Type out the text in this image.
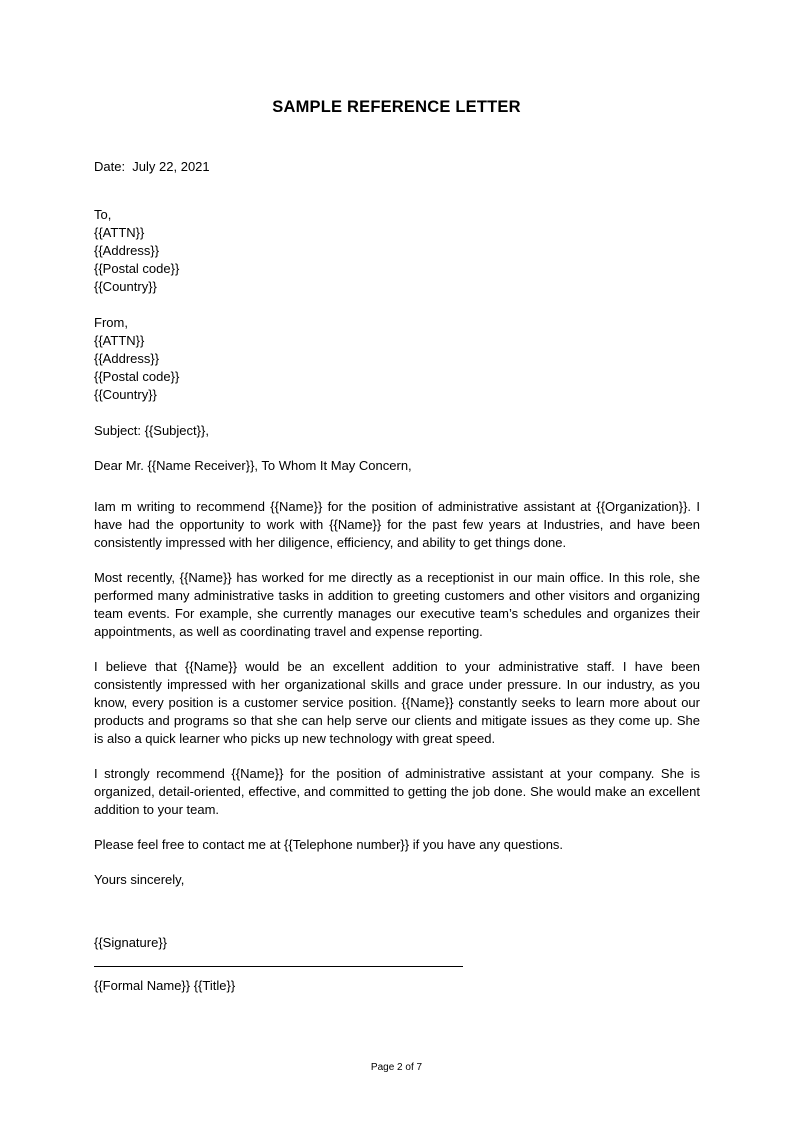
SAMPLE REFERENCE LETTER
Date:  July 22, 2021
To,
{{ATTN}}
{{Address}}
{{Postal code}}
{{Country}}
From,
{{ATTN}}
{{Address}}
{{Postal code}}
{{Country}}
Subject: {{Subject}},
Dear Mr. {{Name Receiver}}, To Whom It May Concern,

Iam m writing to recommend {{Name}} for the position of administrative assistant at {{Organization}}. I have had the opportunity to work with {{Name}} for the past few years at Industries, and have been consistently impressed with her diligence, efficiency, and ability to get things done.

Most recently, {{Name}} has worked for me directly as a receptionist in our main office. In this role, she performed many administrative tasks in addition to greeting customers and other visitors and organizing team events. For example, she currently manages our executive team’s schedules and organizes their appointments, as well as coordinating travel and expense reporting.

I believe that {{Name}} would be an excellent addition to your administrative staff. I have been consistently impressed with her organizational skills and grace under pressure. In our industry, as you know, every position is a customer service position. {{Name}} constantly seeks to learn more about our products and programs so that she can help serve our clients and mitigate issues as they come up. She is also a quick learner who picks up new technology with great speed.

I strongly recommend {{Name}} for the position of administrative assistant at your company. She is organized, detail-oriented, effective, and committed to getting the job done. She would make an excellent addition to your team.

Please feel free to contact me at {{Telephone number}} if you have any questions.

Yours sincerely,
{{Signature}}
{{Formal Name}} {{Title}}
Page 2 of 7
